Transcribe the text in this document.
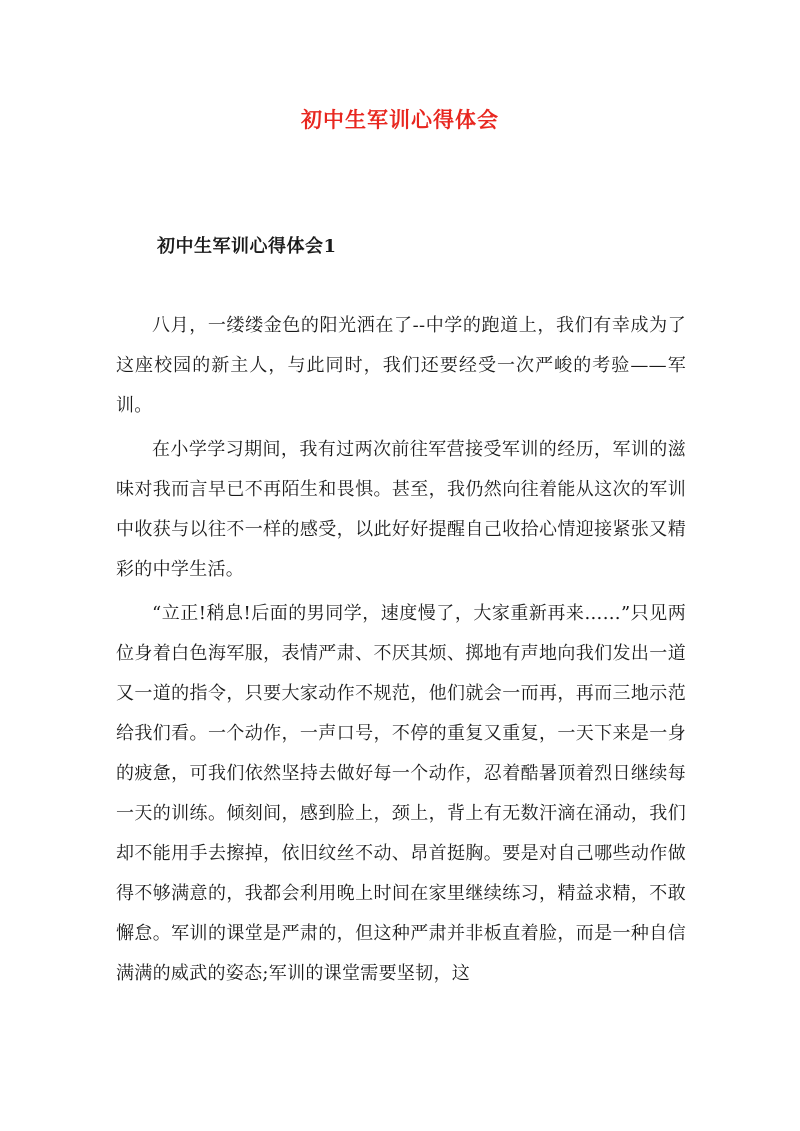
初中生军训心得体会
初中生军训心得体会1

八月，一缕缕金色的阳光洒在了--中学的跑道上，我们有幸成为了这座校园的新主人，与此同时，我们还要经受一次严峻的考验——军训。

在小学学习期间，我有过两次前往军营接受军训的经历，军训的滋味对我而言早已不再陌生和畏惧。甚至，我仍然向往着能从这次的军训中收获与以往不一样的感受，以此好好提醒自己收拾心情迎接紧张又精彩的中学生活。

“立正!稍息!后面的男同学，速度慢了，大家重新再来……”只见两位身着白色海军服，表情严肃、不厌其烦、掷地有声地向我们发出一道又一道的指令，只要大家动作不规范，他们就会一而再，再而三地示范给我们看。一个动作，一声口号，不停的重复又重复，一天下来是一身的疲惫，可我们依然坚持去做好每一个动作，忍着酷暑顶着烈日继续每一天的训练。倾刻间，感到脸上，颈上，背上有无数汗滴在涌动，我们却不能用手去擦掉，依旧纹丝不动、昂首挺胸。要是对自己哪些动作做得不够满意的，我都会利用晚上时间在家里继续练习，精益求精，不敢懈怠。军训的课堂是严肃的，但这种严肃并非板直着脸，而是一种自信满满的威武的姿态;军训的课堂需要坚韧，这
